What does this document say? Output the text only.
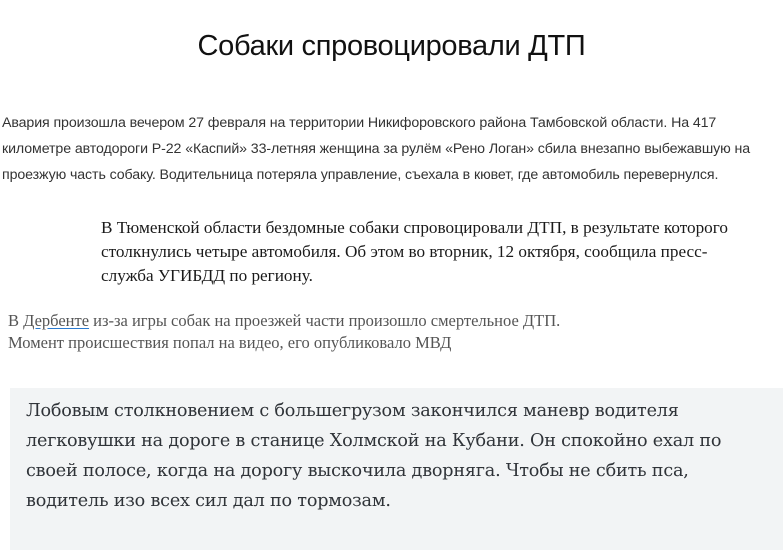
Собаки спровоцировали ДТП

Авария произошла вечером 27 февраля на территории Никифоровского района Тамбовской области. На 417 километре автодороги Р-22 «Каспий» 33-летняя женщина за рулём «Рено Логан» сбила внезапно выбежавшую на проезжую часть собаку. Водительница потеряла управление, съехала в кювет, где автомобиль перевернулся.

В Тюменской области бездомные собаки спровоцировали ДТП, в результате которого столкнулись четыре автомобиля. Об этом во вторник, 12 октября, сообщила пресс-служба УГИБДД по региону.

В Дербенте из-за игры собак на проезжей части произошло смертельное ДТП. Момент происшествия попал на видео, его опубликовало МВД

Лобовым столкновением с большегрузом закончился маневр водителя легковушки на дороге в станице Холмской на Кубани. Он спокойно ехал по своей полосе, когда на дорогу выскочила дворняга. Чтобы не сбить пса, водитель изо всех сил дал по тормозам.
